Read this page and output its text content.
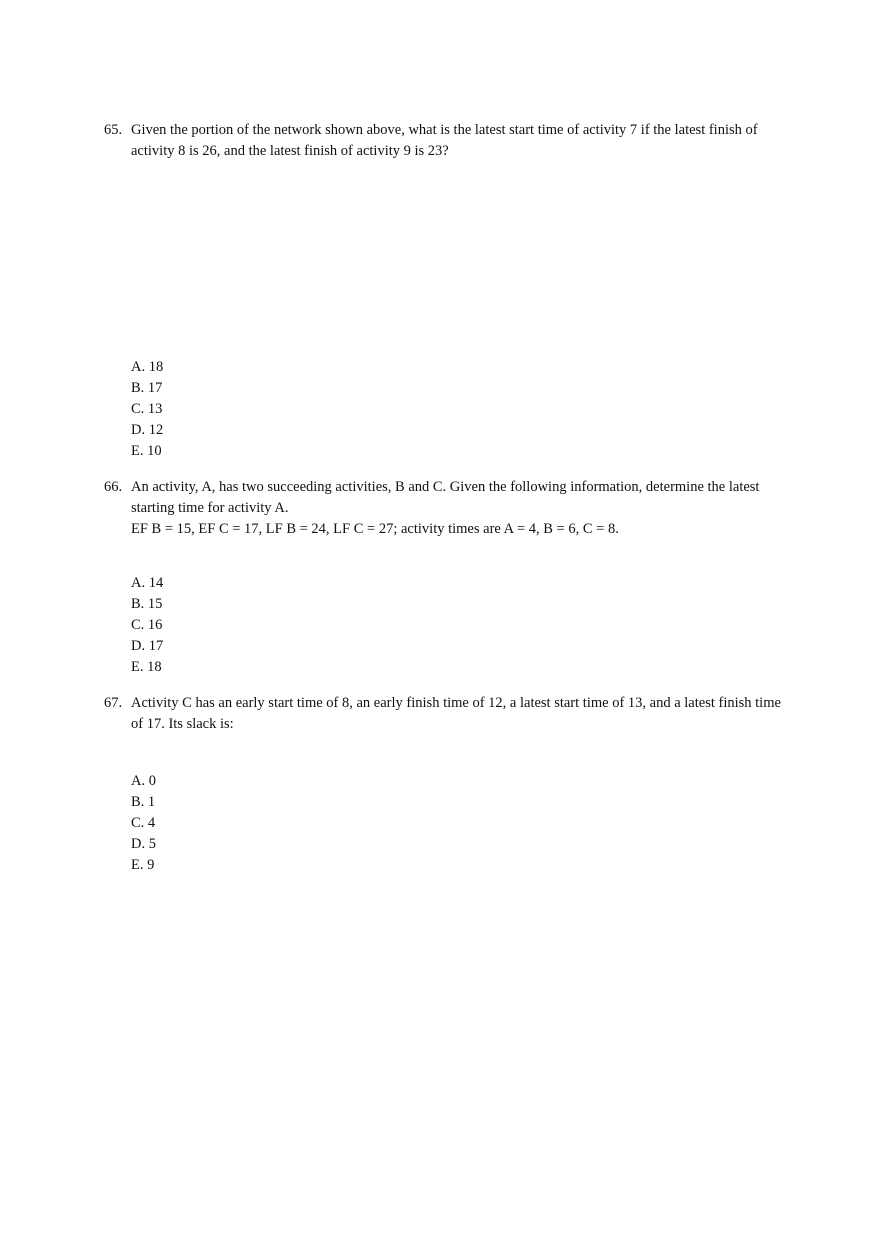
65. Given the portion of the network shown above, what is the latest start time of activity 7 if the latest finish of activity 8 is 26, and the latest finish of activity 9 is 23?

A. 18
B. 17
C. 13
D. 12
E. 10
66. An activity, A, has two succeeding activities, B and C. Given the following information, determine the latest starting time for activity A.

EF B = 15, EF C = 17, LF B = 24, LF C = 27; activity times are A = 4, B = 6, C = 8.

A. 14
B. 15
C. 16
D. 17
E. 18
67. Activity C has an early start time of 8, an early finish time of 12, a latest start time of 13, and a latest finish time of 17. Its slack is:

A. 0
B. 1
C. 4
D. 5
E. 9
